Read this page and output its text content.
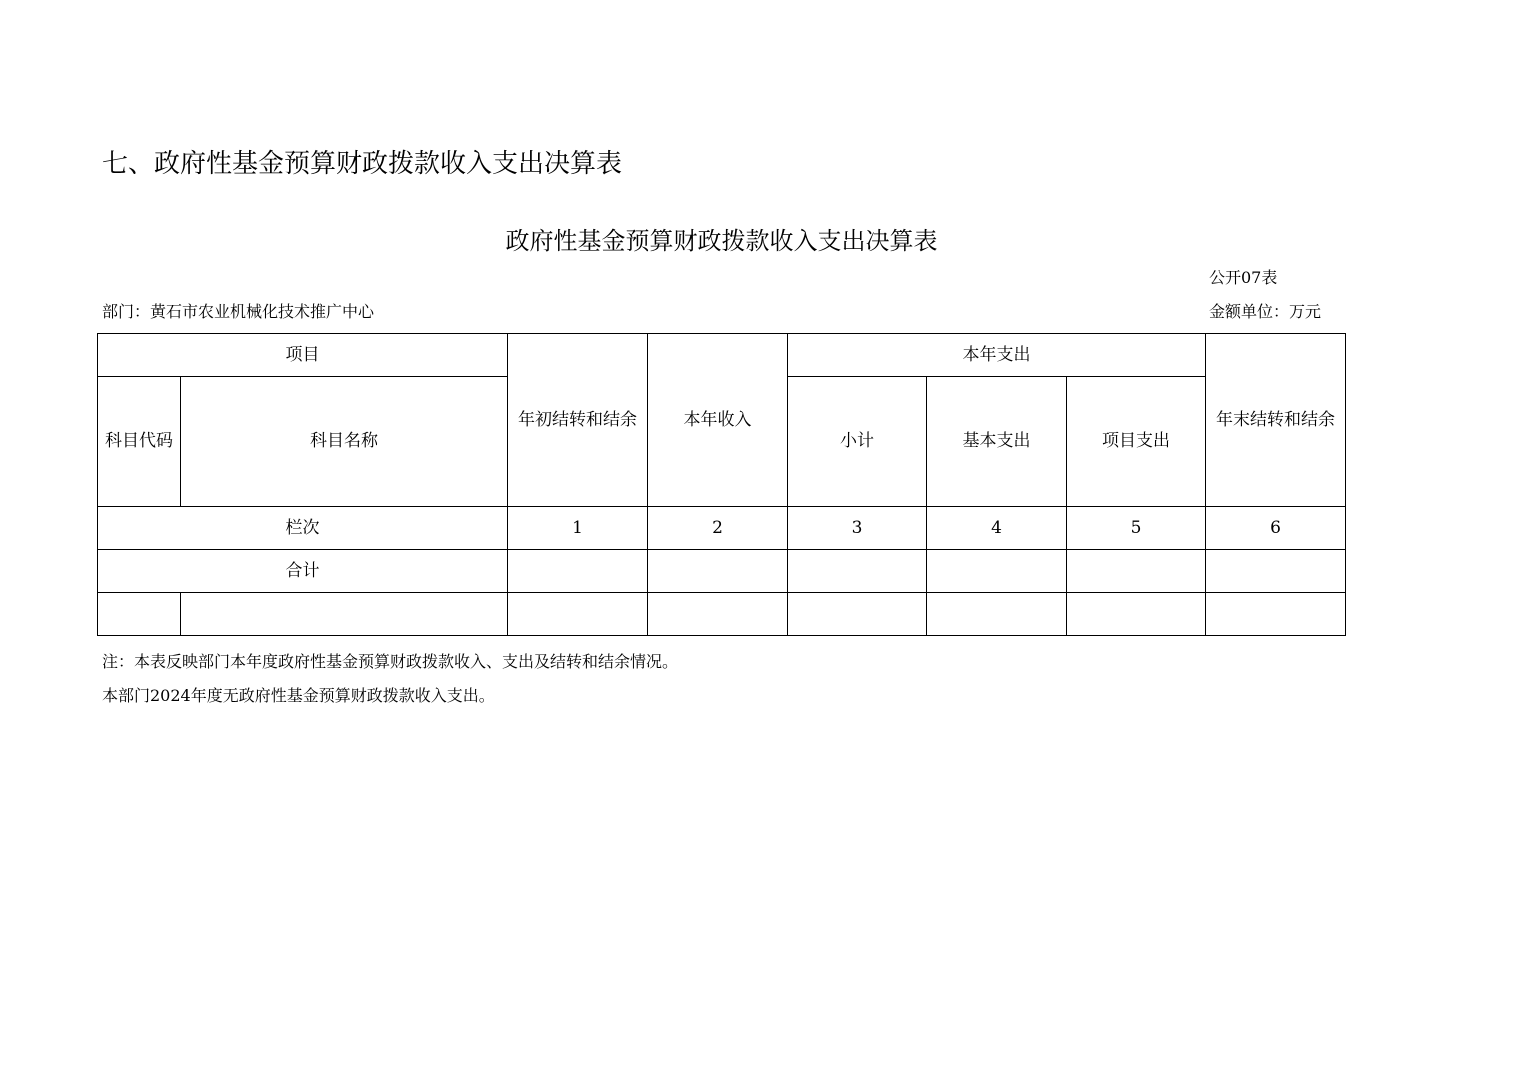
七、政府性基金预算财政拨款收入支出决算表
政府性基金预算财政拨款收入支出决算表
公开07表
部门：黄石市农业机械化技术推广中心	金额单位：万元
项目		年初结转和结余	本年收入	本年支出			年末结转和结余
科目代码	科目名称			小计	基本支出	项目支出	
栏次		1	2	3	4	5	6
合计							

注：本表反映部门本年度政府性基金预算财政拨款收入、支出及结转和结余情况。
本部门2024年度无政府性基金预算财政拨款收入支出。
